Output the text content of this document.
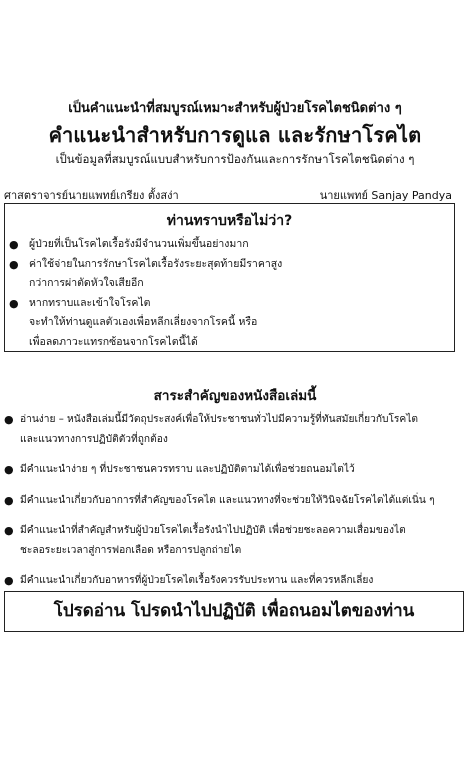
เป็นคำแนะนำที่สมบูรณ์เหมาะสำหรับผู้ป่วยโรคไตชนิดต่าง ๆ
คำแนะนำสำหรับการดูแล และรักษาโรคไต
เป็นข้อมูลที่สมบูรณ์แบบสำหรับการป้องกันและการรักษาโรคไตชนิดต่าง ๆ
ศาสตราจารย์นายแพทย์เกรียง ตั้งสง่า	นายแพทย์ Sanjay Pandya
ท่านทราบหรือไม่ว่า?
● ผู้ป่วยที่เป็นโรคไตเรื้อรังมีจำนวนเพิ่มขึ้นอย่างมาก
● ค่าใช้จ่ายในการรักษาโรคไตเรื้อรังระยะสุดท้ายมีราคาสูง
กว่าการผ่าตัดหัวใจเสียอีก
● หากทราบและเข้าใจโรคไต
จะทำให้ท่านดูแลตัวเองเพื่อหลีกเลี่ยงจากโรคนี้ หรือ
เพื่อลดภาวะแทรกซ้อนจากโรคไตนี้ได้
สาระสำคัญของหนังสือเล่มนี้
● อ่านง่าย – หนังสือเล่มนี้มีวัตถุประสงค์เพื่อให้ประชาชนทั่วไปมีความรู้ที่ทันสมัยเกี่ยวกับโรคไต
และแนวทางการปฏิบัติตัวที่ถูกต้อง
● มีคำแนะนำง่าย ๆ ที่ประชาชนควรทราบ และปฏิบัติตามได้เพื่อช่วยถนอมไตไว้
● มีคำแนะนำเกี่ยวกับอาการที่สำคัญของโรคไต และแนวทางที่จะช่วยให้วินิจฉัยโรคไตได้แต่เนิ่น ๆ
● มีคำแนะนำที่สำคัญสำหรับผู้ป่วยโรคไตเรื้อรังนำไปปฏิบัติ เพื่อช่วยชะลอความเสื่อมของไต
ชะลอระยะเวลาสู่การฟอกเลือด หรือการปลูกถ่ายไต
● มีคำแนะนำเกี่ยวกับอาหารที่ผู้ป่วยโรคไตเรื้อรังควรรับประทาน และที่ควรหลีกเลี่ยง
โปรดอ่าน โปรดนำไปปฏิบัติ เพื่อถนอมไตของท่าน
